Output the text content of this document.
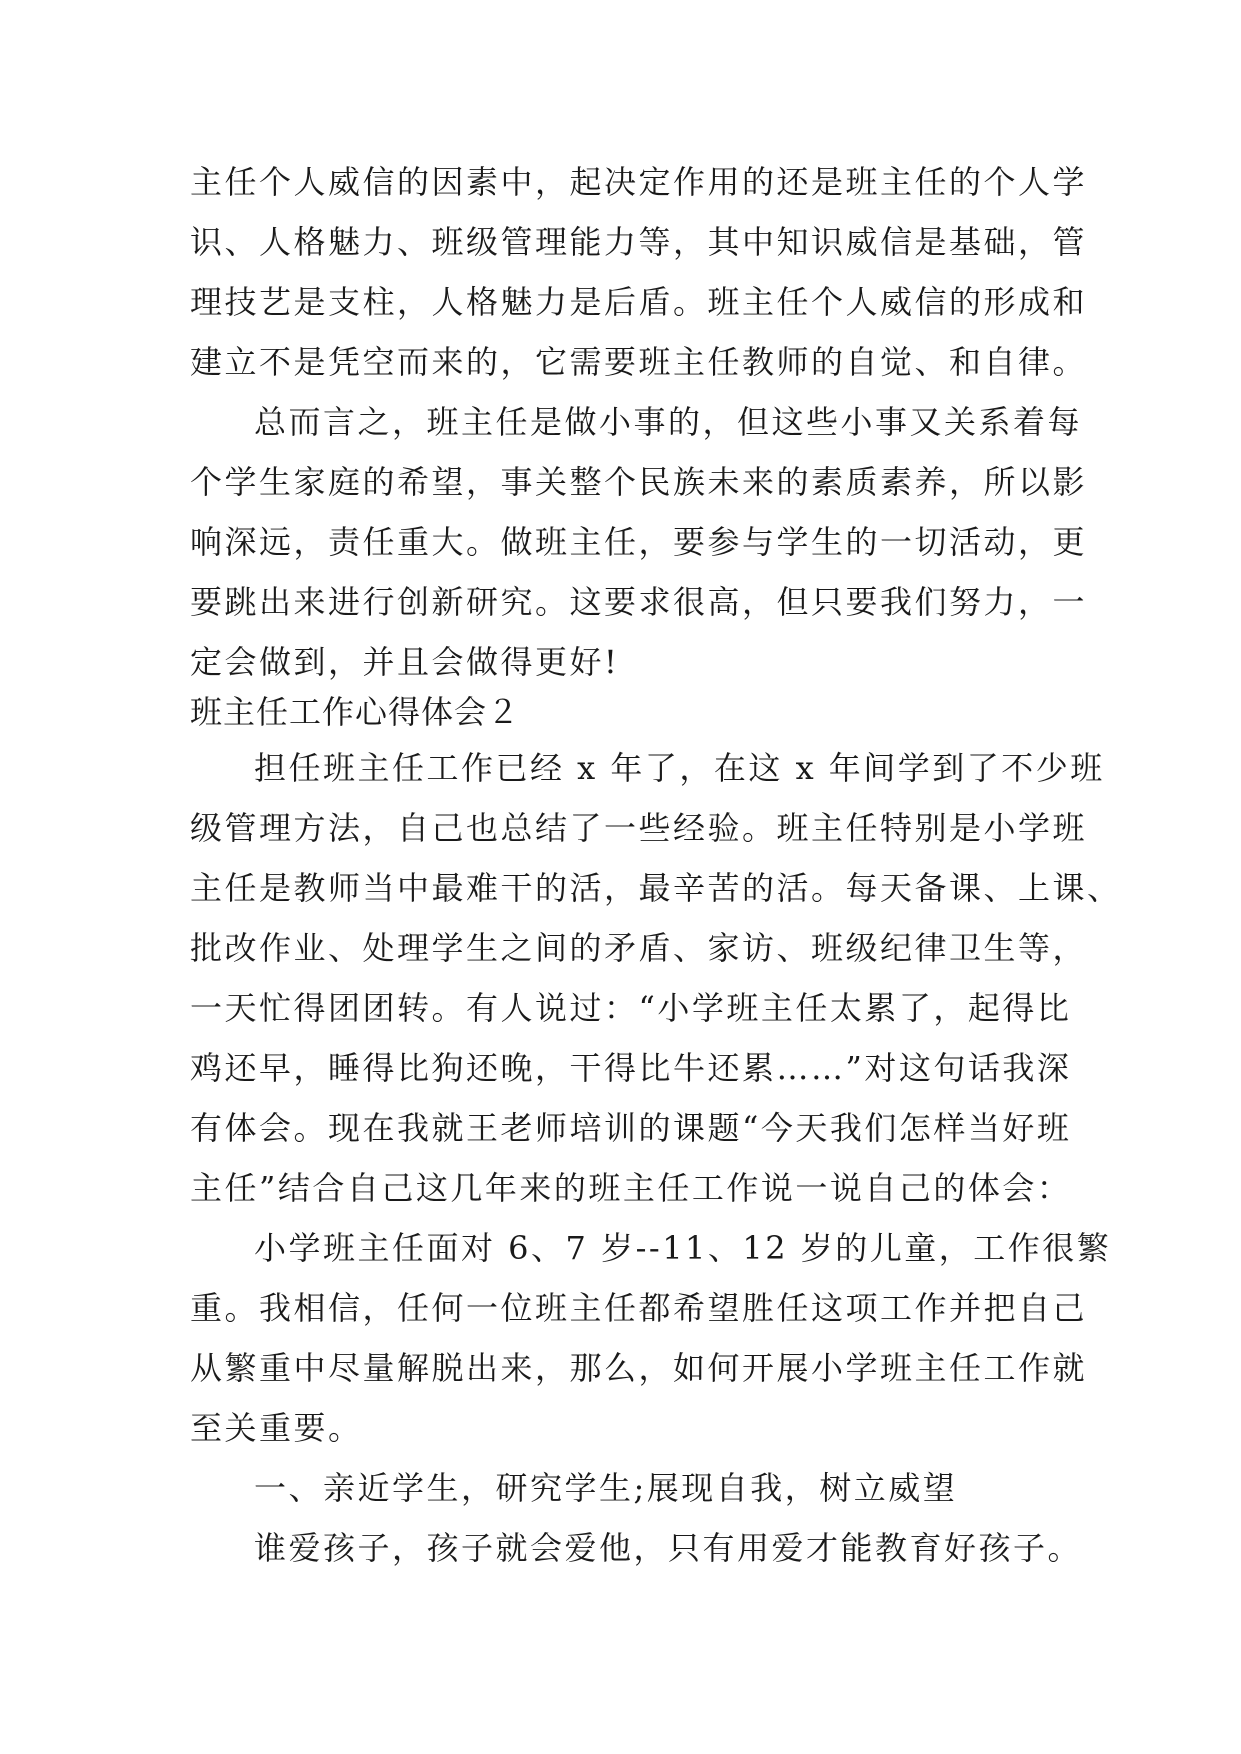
主任个人威信的因素中，起决定作用的还是班主任的个人学
识、人格魅力、班级管理能力等，其中知识威信是基础，管
理技艺是支柱，人格魅力是后盾。班主任个人威信的形成和
建立不是凭空而来的，它需要班主任教师的自觉、和自律。
总而言之，班主任是做小事的，但这些小事又关系着每
个学生家庭的希望，事关整个民族未来的素质素养，所以影
响深远，责任重大。做班主任，要参与学生的一切活动，更
要跳出来进行创新研究。这要求很高，但只要我们努力，一
定会做到，并且会做得更好!
班主任工作心得体会２
担任班主任工作已经 x 年了，在这 x 年间学到了不少班
级管理方法，自己也总结了一些经验。班主任特别是小学班
主任是教师当中最难干的活，最辛苦的活。每天备课、上课、
批改作业、处理学生之间的矛盾、家访、班级纪律卫生等，
一天忙得团团转。有人说过：“小学班主任太累了，起得比
鸡还早，睡得比狗还晚，干得比牛还累……”对这句话我深
有体会。现在我就王老师培训的课题“今天我们怎样当好班
主任”结合自己这几年来的班主任工作说一说自己的体会：
小学班主任面对 6、7 岁--11、12 岁的儿童，工作很繁
重。我相信，任何一位班主任都希望胜任这项工作并把自己
从繁重中尽量解脱出来，那么，如何开展小学班主任工作就
至关重要。
一、亲近学生，研究学生;展现自我，树立威望
谁爱孩子，孩子就会爱他，只有用爱才能教育好孩子。
